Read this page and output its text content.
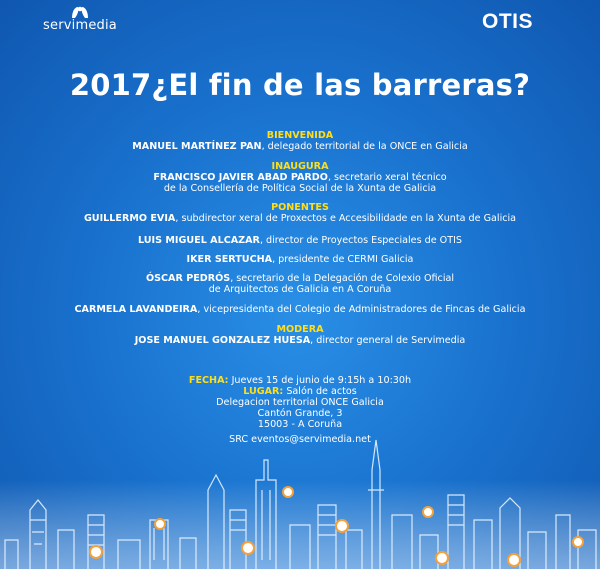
servimedia	OTIS
2017¿El fin de las barreras?
BIENVENIDA
MANUEL MARTÍNEZ PAN, delegado territorial de la ONCE en Galicia
INAUGURA
FRANCISCO JAVIER ABAD PARDO, secretario xeral técnico
de la Consellería de Política Social de la Xunta de Galicia
PONENTES
GUILLERMO EVIA, subdirector xeral de Proxectos e Accesibilidade en la Xunta de Galicia
LUIS MIGUEL ALCAZAR, director de Proyectos Especiales de OTIS
IKER SERTUCHA, presidente de CERMI Galicia
ÓSCAR PEDRÓS, secretario de la Delegación de Colexio Oficial
de Arquitectos de Galicia en A Coruña
CARMELA LAVANDEIRA, vicepresidenta del Colegio de Administradores de Fincas de Galicia
MODERA
JOSE MANUEL GONZALEZ HUESA, director general de Servimedia
FECHA: Jueves 15 de junio de 9:15h a 10:30h
LUGAR: Salón de actos
Delegacion territorial ONCE Galicia
Cantón Grande, 3
15003 - A Coruña
SRC eventos@servimedia.net
